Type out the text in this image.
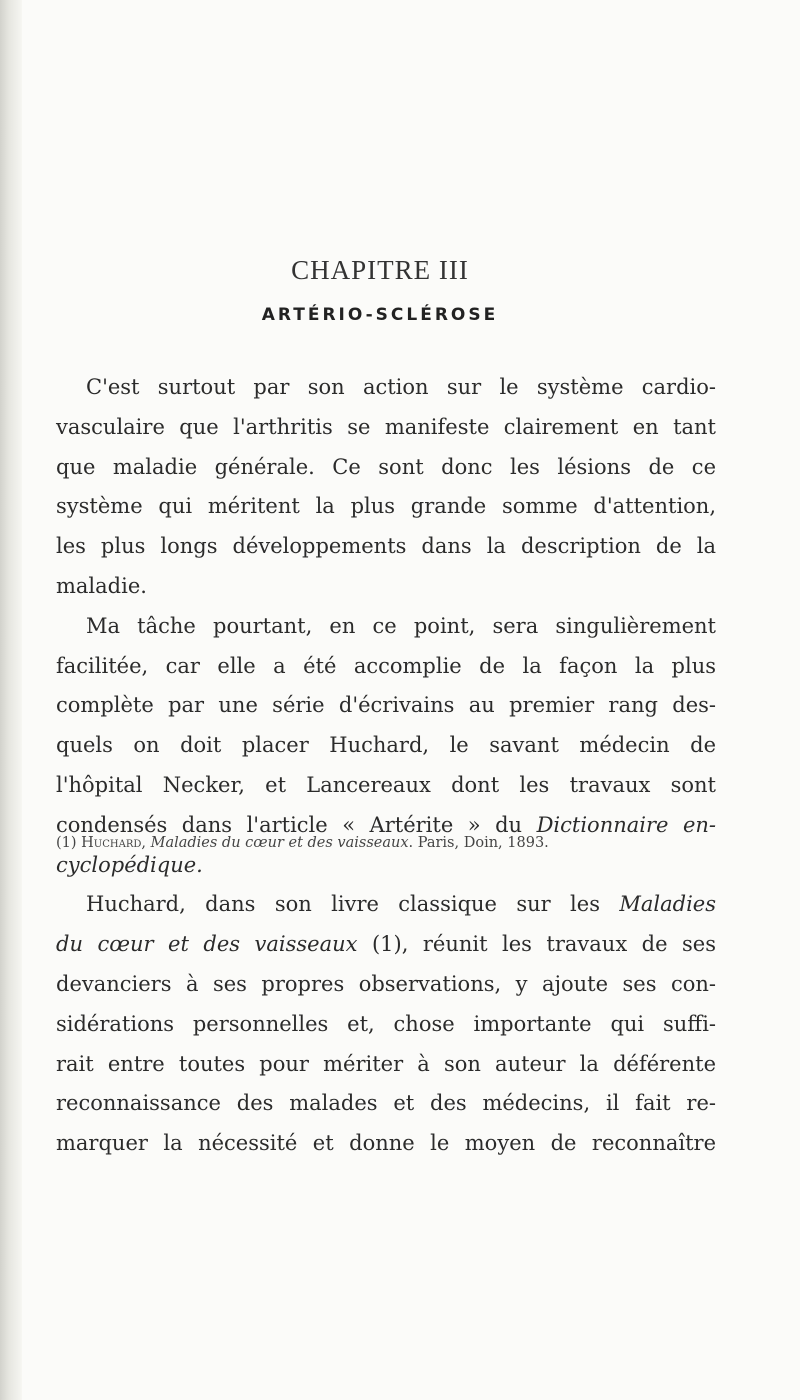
CHAPITRE III
ARTÉRIO-SCLÉROSE
C'est surtout par son action sur le système cardio-
vasculaire que l'arthritis se manifeste clairement en tant
que maladie générale. Ce sont donc les lésions de ce
système qui méritent la plus grande somme d'attention,
les plus longs développements dans la description de la
maladie.
Ma tâche pourtant, en ce point, sera singulièrement
facilitée, car elle a été accomplie de la façon la plus
complète par une série d'écrivains au premier rang des-
quels on doit placer Huchard, le savant médecin de
l'hôpital Necker, et Lancereaux dont les travaux sont
condensés dans l'article « Artérite » du Dictionnaire en-
cyclopédique.
Huchard, dans son livre classique sur les Maladies
du cœur et des vaisseaux (1), réunit les travaux de ses
devanciers à ses propres observations, y ajoute ses con-
sidérations personnelles et, chose importante qui suffi-
rait entre toutes pour mériter à son auteur la déférente
reconnaissance des malades et des médecins, il fait re-
marquer la nécessité et donne le moyen de reconnaître
(1) Huchard, Maladies du cœur et des vaisseaux. Paris, Doin, 1893.
